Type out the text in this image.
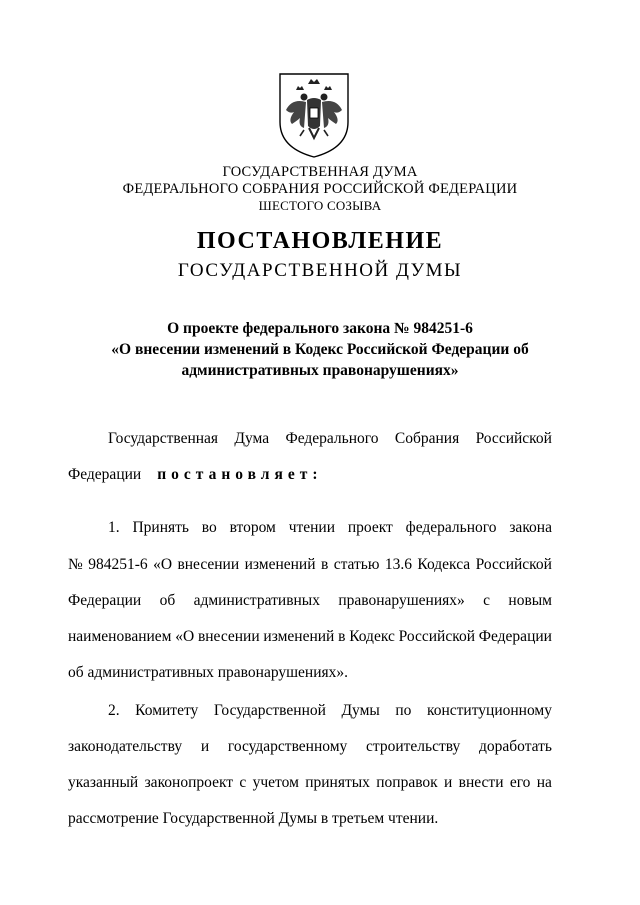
ГОСУДАРСТВЕННАЯ ДУМА
ФЕДЕРАЛЬНОГО СОБРАНИЯ РОССИЙСКОЙ ФЕДЕРАЦИИ
ШЕСТОГО СОЗЫВА
ПОСТАНОВЛЕНИЕ
ГОСУДАРСТВЕННОЙ ДУМЫ
О проекте федерального закона № 984251-6
«О внесении изменений в Кодекс Российской Федерации об
административных правонарушениях»
Государственная Дума Федерального Собрания Российской
Федерации постановляет:
1. Принять во втором чтении проект федерального закона
№ 984251-6 «О внесении изменений в статью 13.6 Кодекса Российской
Федерации об административных правонарушениях» с новым
наименованием «О внесении изменений в Кодекс Российской Федерации
об административных правонарушениях».
2. Комитету Государственной Думы по конституционному
законодательству и государственному строительству доработать
указанный законопроект с учетом принятых поправок и внести его на
рассмотрение Государственной Думы в третьем чтении.
